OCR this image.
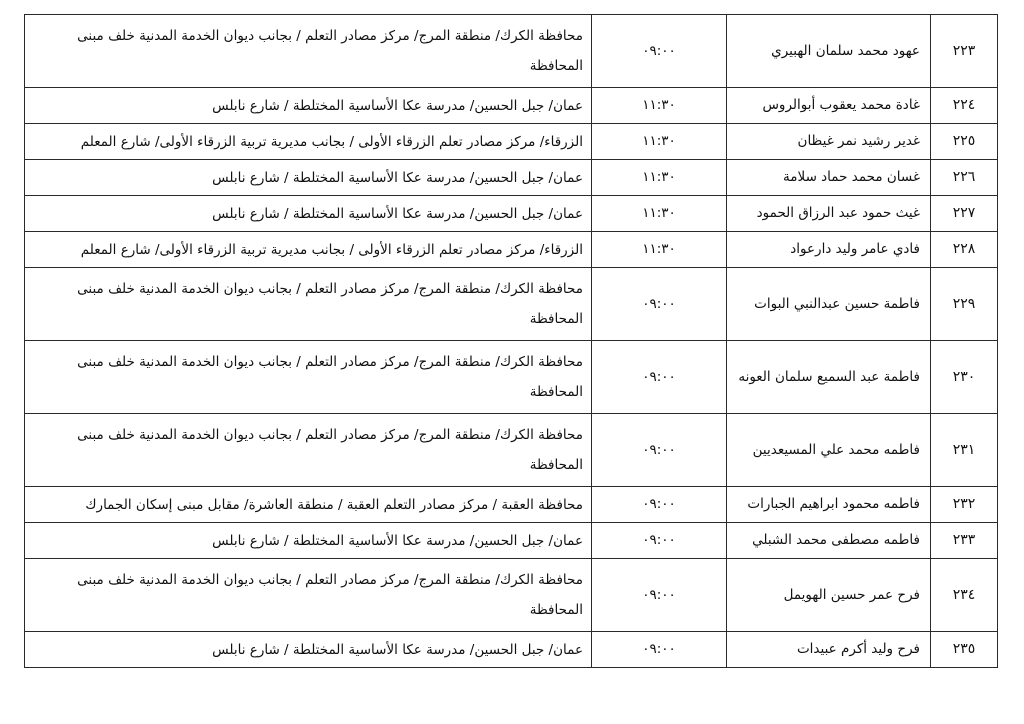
٢٢٣	عهود محمد سلمان الهبيري	٠٩:٠٠	محافظة الكرك/ منطقة المرج/ مركز مصادر التعلم / بجانب ديوان الخدمة المدنية خلف مبنى المحافظة
٢٢٤	غادة محمد يعقوب أبوالروس	١١:٣٠	عمان/ جبل الحسين/ مدرسة عكا الأساسية المختلطة / شارع نابلس
٢٢٥	غدير رشيد نمر غيظان	١١:٣٠	الزرقاء/ مركز مصادر تعلم الزرقاء الأولى / بجانب مديرية تربية الزرقاء الأولى/ شارع المعلم
٢٢٦	غسان محمد حماد سلامة	١١:٣٠	عمان/ جبل الحسين/ مدرسة عكا الأساسية المختلطة / شارع نابلس
٢٢٧	غيث حمود عبد الرزاق الحمود	١١:٣٠	عمان/ جبل الحسين/ مدرسة عكا الأساسية المختلطة / شارع نابلس
٢٢٨	فادي عامر وليد دارعواد	١١:٣٠	الزرقاء/ مركز مصادر تعلم الزرقاء الأولى / بجانب مديرية تربية الزرقاء الأولى/ شارع المعلم
٢٢٩	فاطمة حسين عبدالنبي البوات	٠٩:٠٠	محافظة الكرك/ منطقة المرج/ مركز مصادر التعلم / بجانب ديوان الخدمة المدنية خلف مبنى المحافظة
٢٣٠	فاطمة عبد السميع سلمان العونه	٠٩:٠٠	محافظة الكرك/ منطقة المرج/ مركز مصادر التعلم / بجانب ديوان الخدمة المدنية خلف مبنى المحافظة
٢٣١	فاطمه محمد علي المسيعديين	٠٩:٠٠	محافظة الكرك/ منطقة المرج/ مركز مصادر التعلم / بجانب ديوان الخدمة المدنية خلف مبنى المحافظة
٢٣٢	فاطمه محمود ابراهيم الجبارات	٠٩:٠٠	محافظة العقبة / مركز مصادر التعلم العقبة / منطقة العاشرة/ مقابل مبنى إسكان الجمارك
٢٣٣	فاطمه مصطفى محمد الشبلي	٠٩:٠٠	عمان/ جبل الحسين/ مدرسة عكا الأساسية المختلطة / شارع نابلس
٢٣٤	فرح عمر حسين الهويمل	٠٩:٠٠	محافظة الكرك/ منطقة المرج/ مركز مصادر التعلم / بجانب ديوان الخدمة المدنية خلف مبنى المحافظة
٢٣٥	فرح وليد أكرم عبيدات	٠٩:٠٠	عمان/ جبل الحسين/ مدرسة عكا الأساسية المختلطة / شارع نابلس
